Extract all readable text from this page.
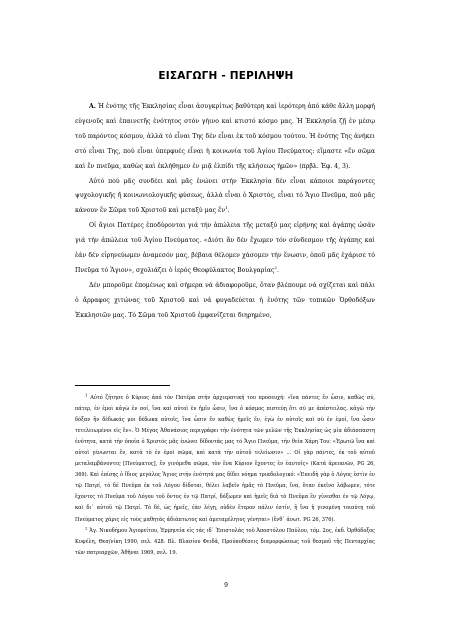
ΕΙΣΑΓΩΓΗ - ΠΕΡΙΛΗΨΗ

Α. Ἡ ἑνότης τῆς Ἐκκλησίας εἶναι ἀσυγκρίτως βαθύτερη καὶ ἱερότερη ἀπό κάθε ἄλλη μορφή εὐγενοῦς καὶ ἐπαινετῆς ἑνότητος στόν γήινο καὶ κτιστό κόσμο μας. Ἡ Ἐκκλησία ζῇ ἐν μέσῳ τοῦ παρόντος κόσμου, ἀλλά τό εἶναι Της δέν εἶναι ἐκ τοῦ κόσμου τούτου. Ἡ ἑνότης Της ἀνήκει στό εἶναι Της, πού εἶναι ὑπερφυές εἶναι ἡ κοινωνία τοῦ Ἁγίου Πνεύματος: εἴμαστε «ἕν σῶμα καὶ ἕν πνεῦμα, καθὼς καὶ ἐκλήθημεν ἐν μιᾷ ἐλπίδι τῆς κλήσεως ἡμῶν» (πρβλ. Ἐφ. 4, 3).

Αὐτό πού μᾶς συνδέει καὶ μᾶς ἑνώνει στήν Ἐκκλησία δέν εἶναι κάποιοι παράγοντες ψυχολογικῆς ἤ κοινωνιολογικῆς φύσεως, ἀλλά εἶναι ὁ Χριστός, εἶναι τό Ἅγιο Πνεῦμα, πού μᾶς κάνουν ἕν Σῶμα τοῦ Χριστοῦ καὶ μεταξύ μας ἕν$^1$.

Οἱ ἅγιοι Πατέρες ἐποδύρονται γιά τήν ἀπώλεια τῆς μεταξύ μας εἰρήνης καὶ ἀγάπης ὡσάν γιά τήν ἀπώλεια τοῦ Ἁγίου Πνεύματος. «Διότι ἄν δέν ἔχωμεν τόν σύνδεσμον τῆς ἀγάπης καὶ ἐάν δέν εἰρηνεύωμεν ἀναμεσόν μας, βέβαια θέλομεν χάσομεν τήν ἕνωσιν, ὁποῦ μᾶς ἐχάρισε τό Πνεῦμα τό Ἅγιον», σχολιάζει ὁ ἱερός Θεοφύλακτος Βουλγαρίας$^2$.

Δέν μποροῦμε ἑπομένως καὶ σήμερα νά ἀδιαφοροῦμε, ὅταν βλέπουμε νά σχίζεται καὶ πάλι ὁ ἄρραφος χιτώνας τοῦ Χριστοῦ καὶ νά φυγαδεύεται ἡ ἑνότης τῶν τοπικῶν Ὀρθοδόξων Ἐκκλησιῶν μας. Τό Σῶμα τοῦ Χριστοῦ ἐμφανίζεται διηρημένο,

$^1$ Αὐτό ζήτησε ὁ Κύριος ἀπό τόν Πατέρα στήν ἀρχιερατική του προσευχή: «ἵνα πάντες ἕν ὦσιν, καθὼς σύ, πάτερ, ἐν ἐμοὶ κἀγὼ ἐν σοί, ἵνα καὶ αὐτοὶ ἐν ἡμῖν ὦσιν, ἵνα ὁ κόσμος πιστεύῃ ὅτι σύ με ἀπέστειλας. κἀγὼ τὴν δόξαν ἣν δέδωκάς μοι δέδωκα αὐτοῖς, ἵνα ὦσιν ἕν καθὼς ἡμεῖς ἕν, ἐγὼ ἐν αὐτοῖς καὶ σὺ ἐν ἐμοί, ἵνα ὦσιν τετελειωμένοι εἰς ἕν». Ὁ Μέγας Ἀθανάσιος περιγράφει τήν ἑνότητα τῶν μελῶν τῆς Ἐκκλησίας ὡς μία ἀδιάσπαστη ἑνότητα, κατά τήν ὁποία ὁ Χριστός μᾶς ἑνώνει δίδοντάς μας τό Ἅγιο Πνεῦμα, τήν θεία Χάρη Του: «Ἐρωτῶ ἵνα καὶ αὐτοὶ γένωνται ἕν, κατὰ τὸ ἐν ἐμοὶ σῶμα, καὶ κατὰ τὴν αὐτοῦ τελείωσιν» ... Οἱ γὰρ πάντες, ἐκ τοῦ αὐτοῦ μεταλαμβάνοντες [Πνεύματος], ἕν γινόμεθα σῶμα, τὸν ἕνα Κύριον ἔχοντες ἐν ἑαυτοῖς» (Κατά ἀρειανῶν, PG 26, 369). Καὶ ἐπίσης ὁ ἴδιος μεγάλος Ἅγιος στήν ἑνότητά μας δίδει νόημα τριαδολογικό: «Ἐπειδὴ γὰρ ὁ Λόγος ἐστὶν ἐν τῷ Πατρί, τὸ δὲ Πνεῦμα ἐκ τοῦ Λόγου δίδοται, θέλει λαβεῖν ἡμᾶς τὸ Πνεῦμα, ἵνα, ὅταν ἐκεῖνο λάβωμεν, τότε ἔχοντες τὸ Πνεῦμα τοῦ Λόγου τοῦ ὄντος ἐν τῷ Πατρί, δόξωμεν καὶ ἡμεῖς διὰ τὸ Πνεῦμα ἓν γίνεσθαι ἐν τῷ Λόγῳ, καὶ δι᾽ αὐτοῦ τῷ Πατρί. Τὸ δέ, ὡς ἡμεῖς, ἐὰν λέγῃ, οὐδὲν ἕτερον πάλιν ἐστίν, ἢ ἵνα ἡ γινομένη τοιαύτη τοῦ Πνεύματος χάρις εἰς τοὺς μαθητὰς ἀδιάπτωτος καὶ ἀμεταμέλητος γένηται» (ἔνθ᾽ ἀνωτ. PG 26, 376).

$^2$ Ἁγ. Νικοδήμου Ἁγιορείτου, Ἑρμηνεία εἰς τάς ιδ᾽ Ἐπιστολάς τοῦ Ἀποστόλου Παύλου, τόμ. 2ος, ἐκδ. Ὀρθόδοξος Κυψέλη, Θεσ/νίκη 1990, σελ. 428. Βλ. Βλασίου Φειδᾶ, Προϋποθέσεις διαμορφώσεως τοῦ θεσμοῦ τῆς Πενταρχίας τῶν πατριαρχῶν, Ἀθῆναι 1969, σελ. 19.

9
